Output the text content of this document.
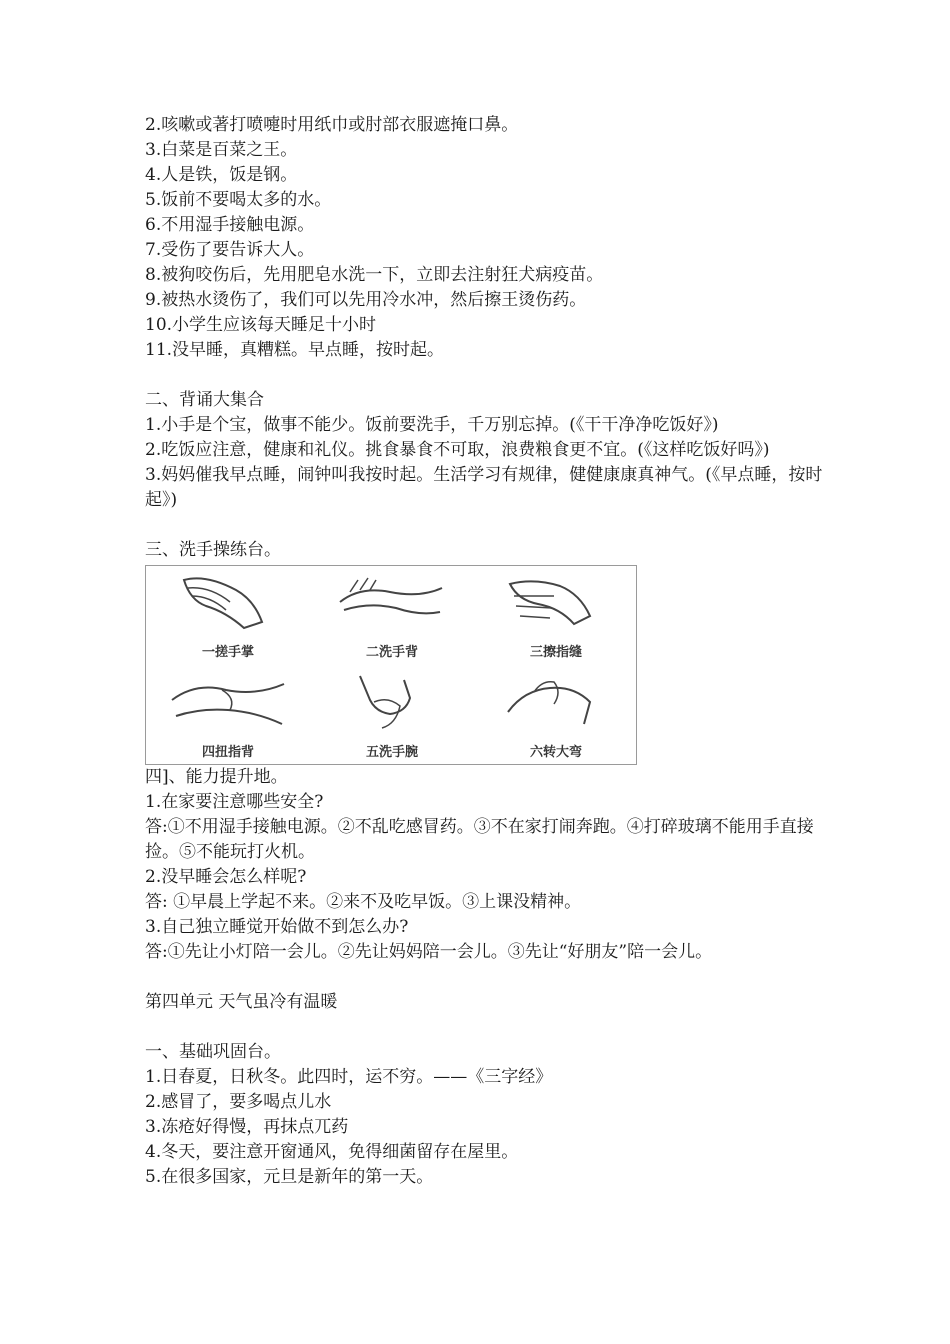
2.咳嗽或著打喷嚏时用纸巾或肘部衣服遮掩口鼻。
3.白菜是百菜之王。
4.人是铁，饭是钢。
5.饭前不要喝太多的水。
6.不用湿手接触电源。
7.受伤了要告诉大人。
8.被狗咬伤后，先用肥皂水洗一下，立即去注射狂犬病疫苗。
9.被热水烫伤了，我们可以先用冷水冲，然后擦王烫伤药。
10.小学生应该每天睡足十小时
11.没早睡，真糟糕。早点睡，按时起。
二、背诵大集合
1.小手是个宝，做事不能少。饭前要洗手，千万别忘掉。(《干干净净吃饭好》)
2.吃饭应注意，健康和礼仪。挑食暴食不可取，浪费粮食更不宜。(《这样吃饭好吗》)
3.妈妈催我早点睡，闹钟叫我按时起。生活学习有规律，健健康康真神气。(《早点睡，按时起》)
三、洗手操练台。
一搓手掌	二洗手背	三擦指缝
四扭指背	五洗手腕	六转大弯
四]、能力提升地。
1.在家要注意哪些安全?
答:①不用湿手接触电源。②不乱吃感冒药。③不在家打闹奔跑。④打碎玻璃不能用手直接捡。⑤不能玩打火机。
2.没早睡会怎么样呢?
答: ①早晨上学起不来。②来不及吃早饭。③上课没精神。
3.自己独立睡觉开始做不到怎么办?
答:①先让小灯陪一会儿。②先让妈妈陪一会儿。③先让“好朋友”陪一会儿。
第四单元 天气虽冷有温暖
一、基础巩固台。
1.日春夏，日秋冬。此四时，运不穷。——《三字经》
2.感冒了，要多喝点儿水
3.冻疮好得慢，再抹点兀药
4.冬天，要注意开窗通风，免得细菌留存在屋里。
5.在很多国家，元旦是新年的第一天。
